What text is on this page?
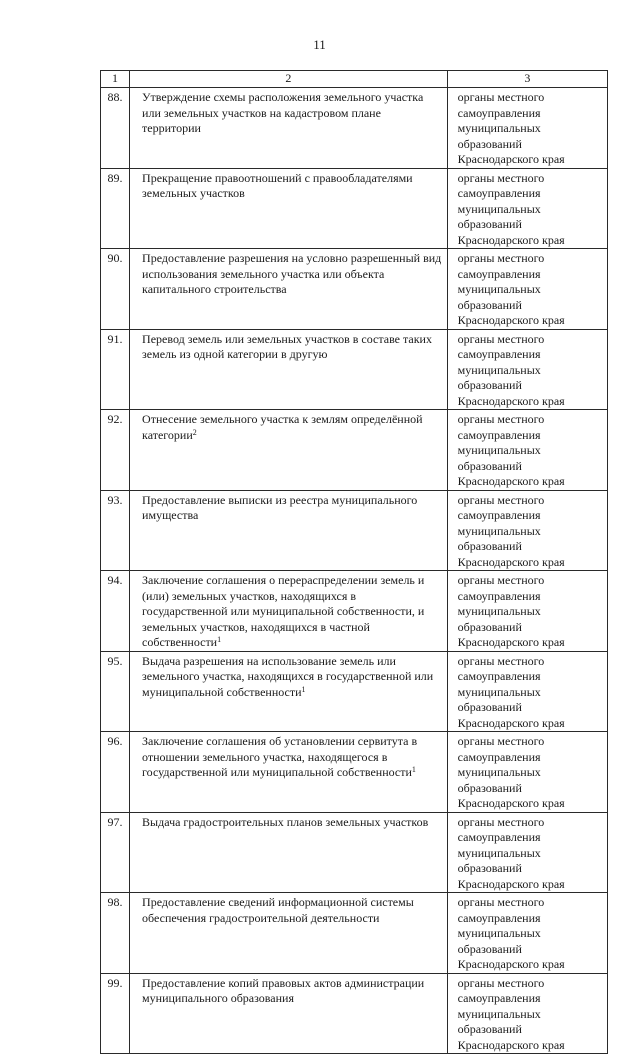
11
1	2	3
88.	Утверждение схемы расположения земельного участка или земельных участков на кадастровом плане территории	органы местного самоуправления муниципальных образований Краснодарского края
89.	Прекращение правоотношений с правообладателями земельных участков	органы местного самоуправления муниципальных образований Краснодарского края
90.	Предоставление разрешения на условно разрешенный вид использования земельного участка или объекта капитального строительства	органы местного самоуправления муниципальных образований Краснодарского края
91.	Перевод земель или земельных участков в составе таких земель из одной категории в другую	органы местного самоуправления муниципальных образований Краснодарского края
92.	Отнесение земельного участка к землям определённой категории$^2$	органы местного самоуправления муниципальных образований Краснодарского края
93.	Предоставление выписки из реестра муниципального имущества	органы местного самоуправления муниципальных образований Краснодарского края
94.	Заключение соглашения о перераспределении земель и (или) земельных участков, находящихся в государственной или муниципальной собственности, и земельных участков, находящихся в частной собственности$^1$	органы местного самоуправления муниципальных образований Краснодарского края
95.	Выдача разрешения на использование земель или земельного участка, находящихся в государственной или муниципальной собственности$^1$	органы местного самоуправления муниципальных образований Краснодарского края
96.	Заключение соглашения об установлении сервитута в отношении земельного участка, находящегося в государственной или муниципальной собственности$^1$	органы местного самоуправления муниципальных образований Краснодарского края
97.	Выдача градостроительных планов земельных участков	органы местного самоуправления муниципальных образований Краснодарского края
98.	Предоставление сведений информационной системы обеспечения градостроительной деятельности	органы местного самоуправления муниципальных образований Краснодарского края
99.	Предоставление копий правовых актов администрации муниципального образования	органы местного самоуправления муниципальных образований Краснодарского края
